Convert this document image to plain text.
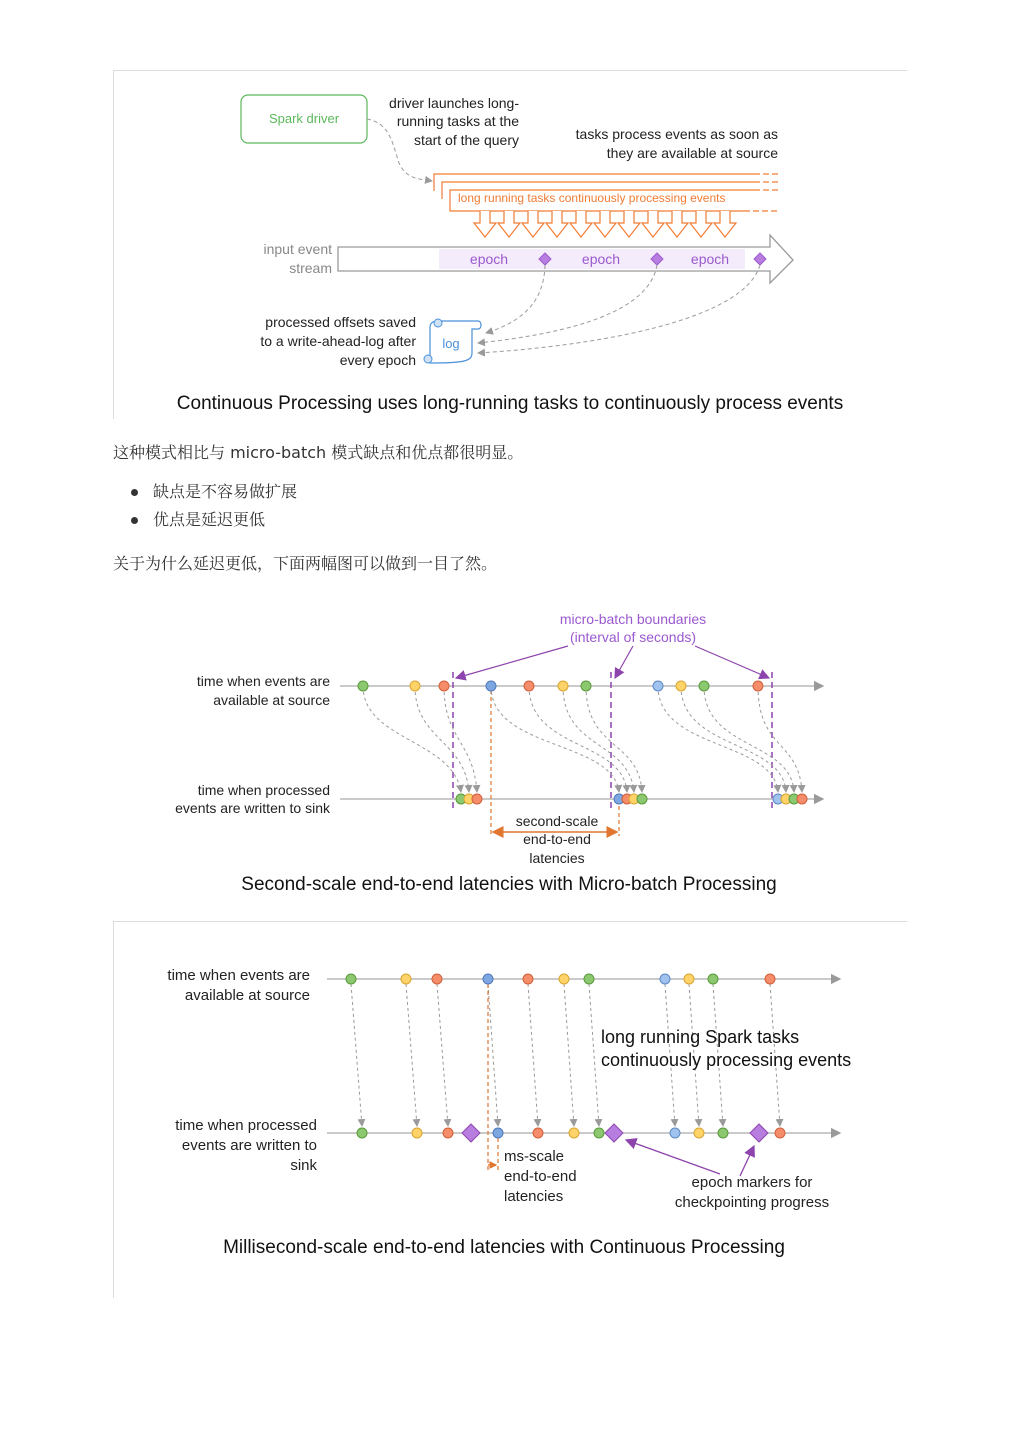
Spark driver
driver launches long-
running tasks at the
start of the query	tasks process events as soon as
they are available at source
long running tasks continuously processing events
input event
stream
epoch	epoch	epoch
log
processed offsets saved
to a write-ahead-log after
every epoch
Continuous Processing uses long-running tasks to continuously process events

这种模式相比与 micro-batch 模式缺点和优点都很明显。

缺点是不容易做扩展
优点是延迟更低

关于为什么延迟更低，下面两幅图可以做到一目了然。

micro-batch boundaries
(interval of seconds)
time when events are
available at source
time when processed
events are written to sink
second-scale
end-to-end
latencies
Second-scale end-to-end latencies with Micro-batch Processing
time when events are
available at source
time when processed
events are written to
sink
long running Spark tasks
continuously processing events
ms-scale
end-to-end
latencies
epoch markers for
checkpointing progress
Millisecond-scale end-to-end latencies with Continuous Processing
